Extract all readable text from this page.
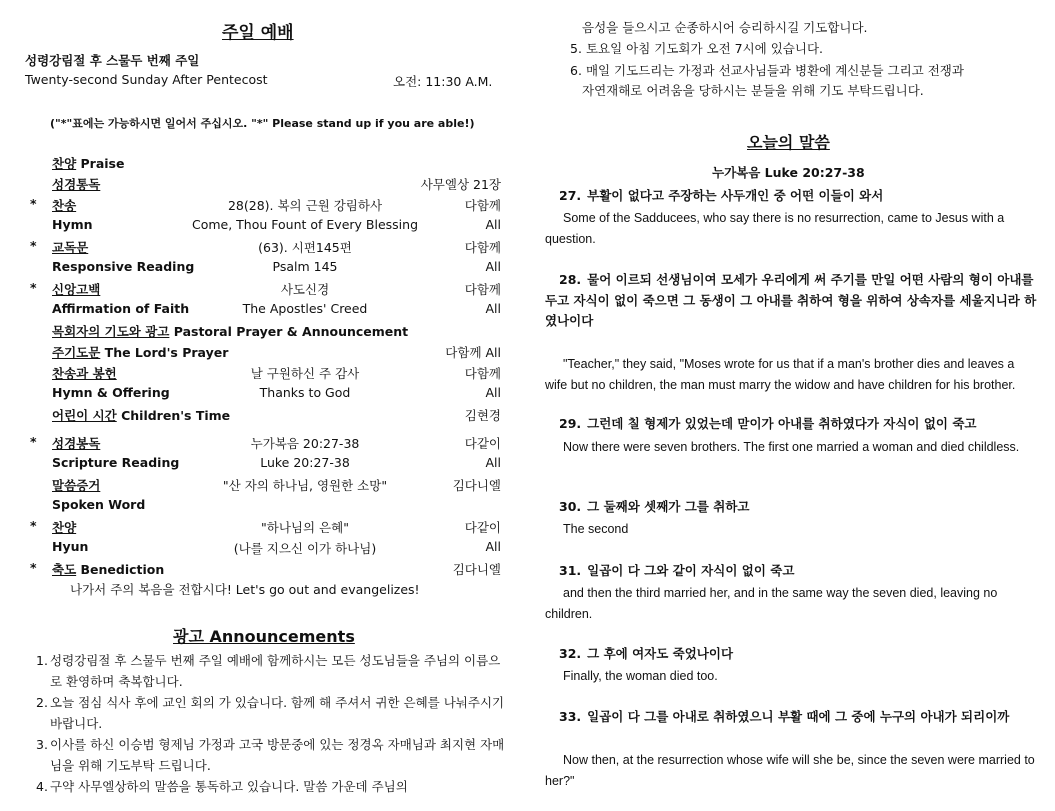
주일 예배
성령강림절 후 스물두 번째 주일
Twenty-second Sunday After Pentecost	오전: 11:30 A.M.
("*"표에는 가능하시면 일어서 주십시오. "*" Please stand up if you are able!)
찬양 Praise
성경통독	사무엘상 21장
* 찬송	28(28). 복의 근원 강림하사	다함께
Hymn	Come, Thou Fount of Every Blessing	All
* 교독문	(63). 시편145편	다함께
Responsive Reading	Psalm 145	All
* 신앙고백	사도신경	다함께
Affirmation of Faith	The Apostles' Creed	All
목회자의 기도와 광고 Pastoral Prayer & Announcement
주기도문 The Lord's Prayer	다함께 All
찬송과 봉헌	날 구원하신 주 감사	다함께
Hymn & Offering	Thanks to God	All
어린이 시간 Children's Time	김현경
* 성경봉독	누가복음 20:27-38	다같이
Scripture Reading	Luke 20:27-38	All
말씀증거	"산 자의 하나님, 영원한 소망"	김다니엘
Spoken Word
* 찬양	"하나님의 은혜"	다같이
Hyun	(나를 지으신 이가 하나님)	All
* 축도 Benediction	김다니엘
나가서 주의 복음을 전합시다! Let's go out and evangelizes!
광고 Announcements
1. 성령강림절 후 스물두 번째 주일 예배에 함께하시는 모든 성도님들을 주님의 이름으로 환영하며 축복합니다.
2. 오늘 점심 식사 후에 교인 회의 가 있습니다. 함께 해 주셔서 귀한 은혜를 나눠주시기 바랍니다.
3. 이사를 하신 이승범 형제님 가정과 고국 방문중에 있는 정경옥 자매님과 최지현 자매님을 위해 기도부탁 드립니다.
4. 구약 사무엘상하의 말씀을 통독하고 있습니다. 말씀 가운데 주님의
음성을 들으시고 순종하시어 승리하시길 기도합니다.
5. 토요일 아침 기도회가 오전 7시에 있습니다.
6. 매일 기도드리는 가정과 선교사님들과 병환에 계신분들 그리고 전쟁과
자연재해로 어려움을 당하시는 분들을 위해 기도 부탁드립니다.
오늘의 말씀
누가복음 Luke 20:27-38
27. 부활이 없다고 주장하는 사두개인 중 어떤 이들이 와서
Some of the Sadducees, who say there is no resurrection, came to Jesus with a question.
28. 물어 이르되 선생님이여 모세가 우리에게 써 주기를 만일 어떤 사람의 형이 아내를 두고 자식이 없이 죽으면 그 동생이 그 아내를 취하여 형을 위하여 상속자를 세울지니라 하였나이다
"Teacher," they said, "Moses wrote for us that if a man's brother dies and leaves a wife but no children, the man must marry the widow and have children for his brother.
29. 그런데 칠 형제가 있었는데 맏이가 아내를 취하였다가 자식이 없이 죽고
Now there were seven brothers. The first one married a woman and died childless.
30. 그 둘째와 셋째가 그를 취하고
The second
31. 일곱이 다 그와 같이 자식이 없이 죽고
and then the third married her, and in the same way the seven died, leaving no children.
32. 그 후에 여자도 죽었나이다
Finally, the woman died too.
33. 일곱이 다 그를 아내로 취하였으니 부활 때에 그 중에 누구의 아내가 되리이까
Now then, at the resurrection whose wife will she be, since the seven were married to her?"
